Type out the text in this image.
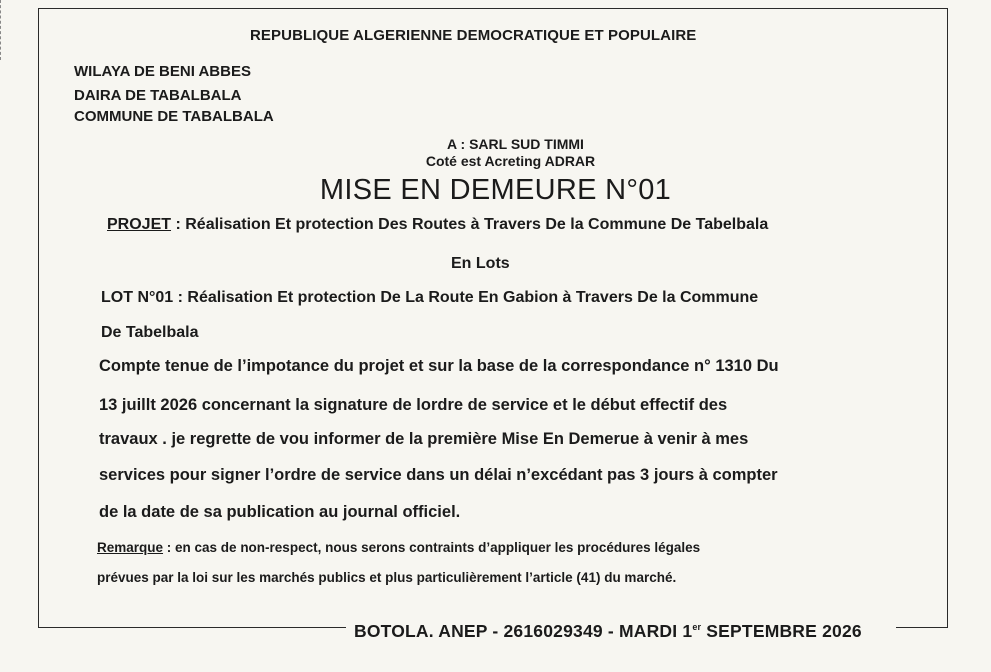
REPUBLIQUE ALGERIENNE DEMOCRATIQUE ET POPULAIRE
WILAYA DE BENI ABBES
DAIRA DE TABALBALA
COMMUNE DE TABALBALA
A : SARL SUD TIMMI
Coté est Acreting ADRAR
MISE EN DEMEURE N°01
PROJET : Réalisation Et protection Des Routes à Travers De la Commune De Tabelbala
En Lots
LOT N°01 : Réalisation Et protection De La Route En Gabion à Travers De la Commune
De Tabelbala
Compte tenue de l’impotance du projet et sur la base de la correspondance n° 1310 Du
13 juillt 2026 concernant la signature de lordre de service et le début effectif des
travaux . je regrette de vou informer de la première Mise En Demerue à venir à mes
services pour signer l’ordre de service dans un délai n’excédant pas 3 jours à compter
de la date de sa publication au journal officiel.
Remarque : en cas de non-respect, nous serons contraints d’appliquer les procédures légales
prévues par la loi sur les marchés publics et plus particulièrement l’article (41) du marché.
BOTOLA. ANEP - 2616029349 - MARDI 1er SEPTEMBRE 2026
